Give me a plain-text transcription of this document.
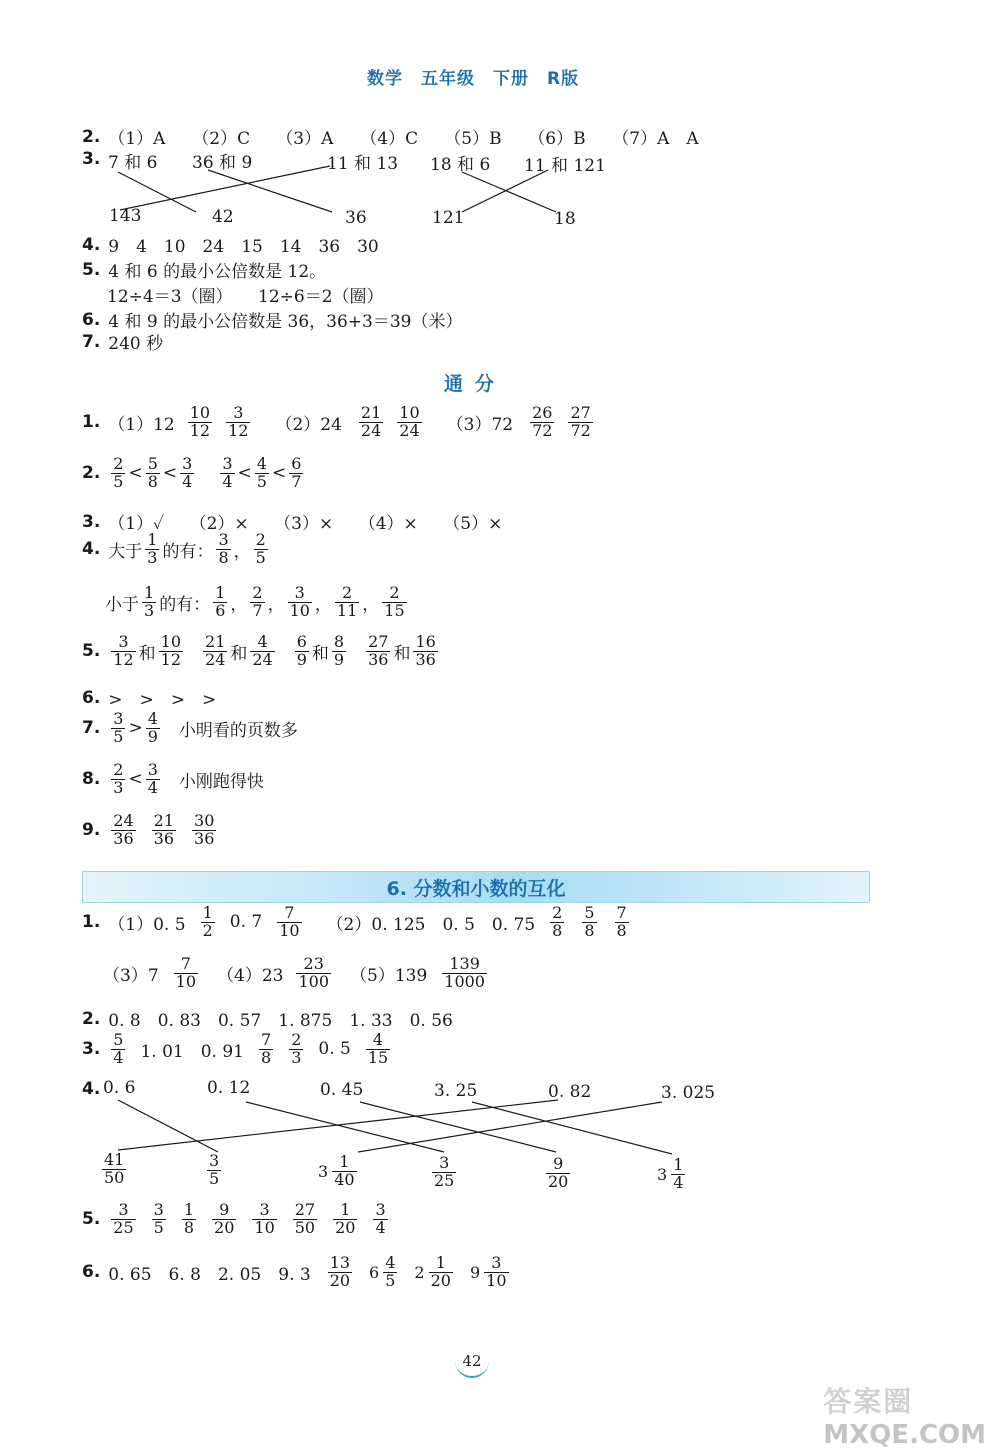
数学　五年级　下册　R版
2. （1）A	（2）C	（3）A	（4）C	（5）B	（6）B	（7）A　A
3. 7 和 6 36 和 9	11 和 13 18 和 6 11 和 121
143	42	36	121	18
4. 9　4　10　24　15　14　36　30
5. 4 和 6 的最小公倍数是 12。
12÷4＝3（圈）　　12÷6＝2（圈）
6. 4 和 9 的最小公倍数是 36，36+3＝39（米）
7. 240 秒
通分
1. $(1)12 \frac{10}{12} \frac{3}{12} (2)24 \frac{21}{24} \frac{10}{24} (3)72 \frac{26}{72} \frac{27}{72}$
2. $\frac{2}{5} < \frac{5}{8} < \frac{3}{4} \frac{3}{4} < \frac{4}{5} < \frac{6}{7}$
3. （1）✓　　（2）×　　（3）×　　（4）×　　（5）×
4. 大于 $\frac{1}{3}$ 的有： $\frac{3}{8}$ ， $\frac{2}{5}$
小于 $\frac{1}{3}$ 的有： $\frac{1}{6}$ ， $\frac{2}{7}$ ， $\frac{3}{10}$ ， $\frac{2}{11}$ ， $\frac{2}{15}$
5. $\frac{3}{12}$ 和 $\frac{10}{12} \frac{21}{24}$ 和 $\frac{4}{24} \frac{6}{9}$ 和 $\frac{8}{9} \frac{27}{36}$ 和 $\frac{16}{36}$
6. >　>　>　>
7. $\frac{3}{5} > \frac{4}{9}$ 小明看的页数多
8. $\frac{2}{3} < \frac{3}{4}$ 小刚跑得快
9. $\frac{24}{36} \frac{21}{36} \frac{30}{36}$
6. 分数和小数的互化
1. （1）0. $5 \frac{1}{2} 0$. $7 \frac{7}{10} (2)0$. 125　0. 5　0. $75 \frac{2}{8} \frac{5}{8} \frac{7}{8}$
$(3)7 \frac{7}{10} (4)23 \frac{23}{100} (5)139 \frac{139}{1000}$
2. 0. 8　0. 83　0. 57　1. 875　1. 33　0. 56
3. $\frac{5}{4} 1$. 01　0. $91 \frac{7}{8} \frac{2}{3} 0$. $5 \frac{4}{15}$
4. 0. 6	0. 12	0. 45	3. 25	0. 82	3. 025
$\frac{41}{50}$	$\frac{3}{5}$	$3 \frac{1}{40}$	$\frac{3}{25}$	$\frac{9}{20}$	$3 \frac{1}{4}$
5. $\frac{3}{25} \frac{3}{5} \frac{1}{8} \frac{9}{20} \frac{3}{10} \frac{27}{50} \frac{1}{20} \frac{3}{4}$
6. 0. 65　6. 8　2. 05　9. $3 \frac{13}{20} 6 \frac{4}{5} 2 \frac{1}{20} 9 \frac{3}{10}$
42
答案圈
MXQE.COM
